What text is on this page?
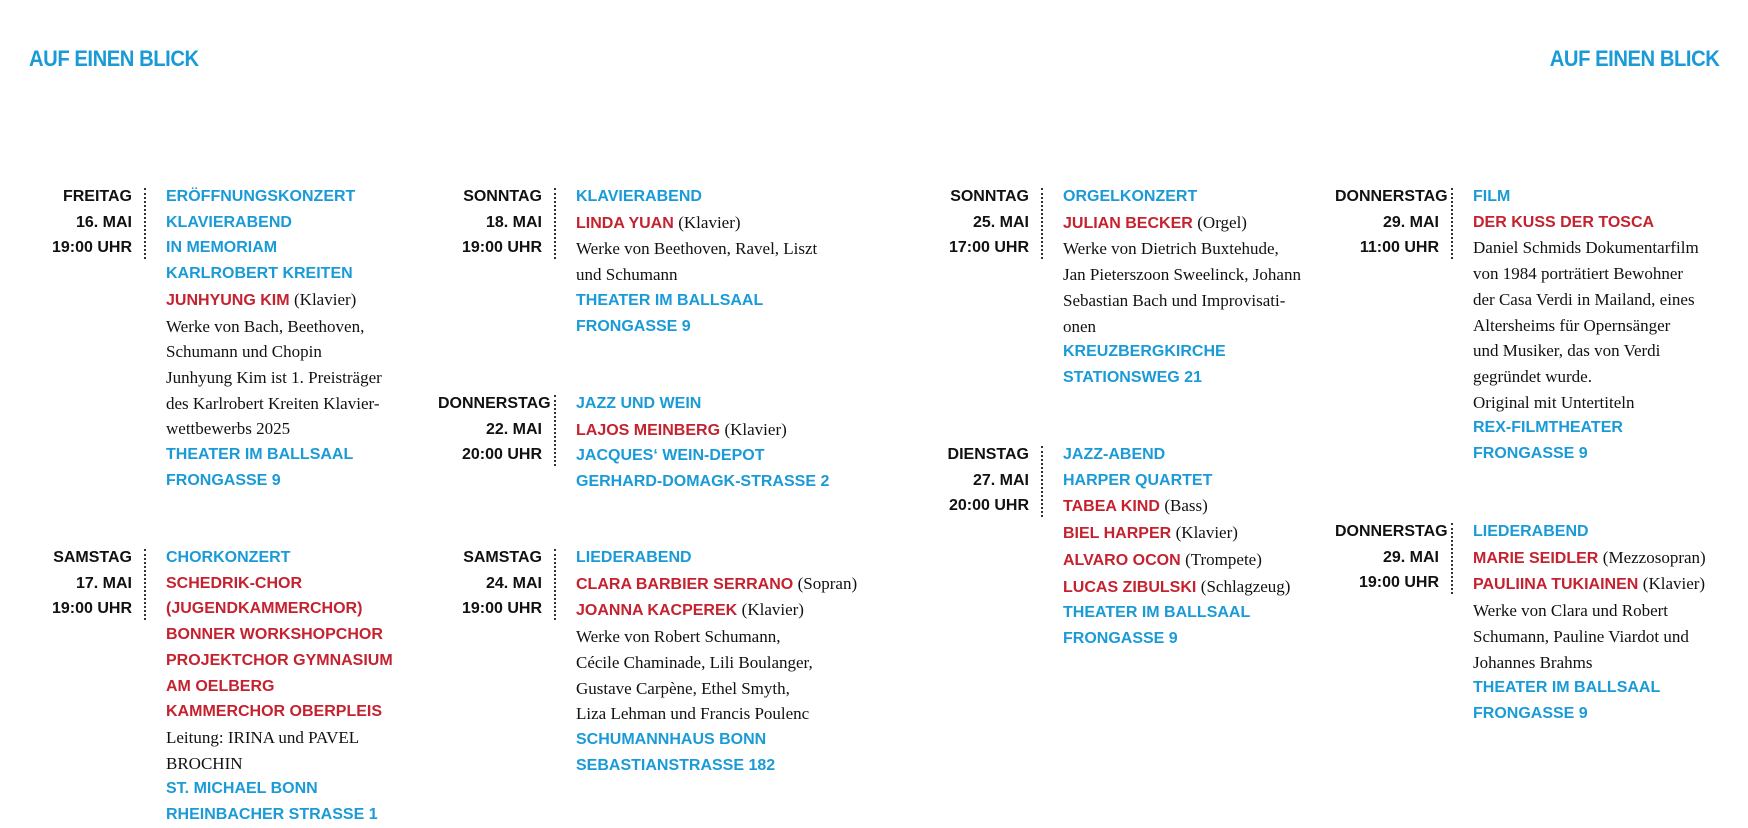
AUF EINEN BLICK	AUF EINEN BLICK
FREITAG
16. MAI
19:00 UHR
ERÖFFNUNGSKONZERT
KLAVIERABEND
IN MEMORIAM
KARLROBERT KREITEN
JUNHYUNG KIM (Klavier)
Werke von Bach, Beethoven,
Schumann und Chopin
Junhyung Kim ist 1. Preisträger
des Karlrobert Kreiten Klavier-
wettbewerbs 2025
THEATER IM BALLSAAL
FRONGASSE 9
SAMSTAG
17. MAI
19:00 UHR
CHORKONZERT
SCHEDRIK-CHOR
(JUGENDKAMMERCHOR)
BONNER WORKSHOPCHOR
PROJEKTCHOR GYMNASIUM
AM OELBERG
KAMMERCHOR OBERPLEIS
Leitung: IRINA und PAVEL
BROCHIN
ST. MICHAEL BONN
RHEINBACHER STRASSE 1
SONNTAG
18. MAI
19:00 UHR
KLAVIERABEND
LINDA YUAN (Klavier)
Werke von Beethoven, Ravel, Liszt
und Schumann
THEATER IM BALLSAAL
FRONGASSE 9
DONNERSTAG
22. MAI
20:00 UHR
JAZZ UND WEIN
LAJOS MEINBERG (Klavier)
JACQUES‘ WEIN-DEPOT
GERHARD-DOMAGK-STRASSE 2
SAMSTAG
24. MAI
19:00 UHR
LIEDERABEND
CLARA BARBIER SERRANO (Sopran)
JOANNA KACPEREK (Klavier)
Werke von Robert Schumann,
Cécile Chaminade, Lili Boulanger,
Gustave Carpène, Ethel Smyth,
Liza Lehman und Francis Poulenc
SCHUMANNHAUS BONN
SEBASTIANSTRASSE 182
SONNTAG
25. MAI
17:00 UHR
ORGELKONZERT
JULIAN BECKER (Orgel)
Werke von Dietrich Buxtehude,
Jan Pieterszoon Sweelinck, Johann
Sebastian Bach und Improvisati-
onen
KREUZBERGKIRCHE
STATIONSWEG 21
DIENSTAG
27. MAI
20:00 UHR
JAZZ-ABEND
HARPER QUARTET
TABEA KIND (Bass)
BIEL HARPER (Klavier)
ALVARO OCON (Trompete)
LUCAS ZIBULSKI (Schlagzeug)
THEATER IM BALLSAAL
FRONGASSE 9
DONNERSTAG
29. MAI
11:00 UHR
FILM
DER KUSS DER TOSCA
Daniel Schmids Dokumentarfilm
von 1984 porträtiert Bewohner
der Casa Verdi in Mailand, eines
Altersheims für Opernsänger
und Musiker, das von Verdi
gegründet wurde.
Original mit Untertiteln
REX-FILMTHEATER
FRONGASSE 9
DONNERSTAG
29. MAI
19:00 UHR
LIEDERABEND
MARIE SEIDLER (Mezzosopran)
PAULIINA TUKIAINEN (Klavier)
Werke von Clara und Robert
Schumann, Pauline Viardot und
Johannes Brahms
THEATER IM BALLSAAL
FRONGASSE 9
